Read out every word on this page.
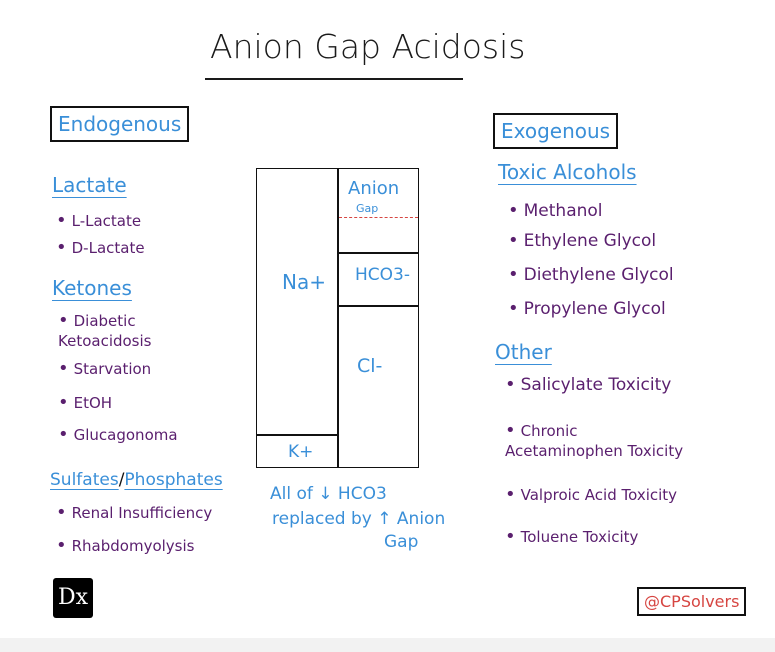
Anion Gap Acidosis
Endogenous
Lactate
• L-Lactate
• D-Lactate
Ketones
• Diabetic Ketoacidosis
• Starvation
• EtOH
• Glucagonoma
Sulfates/Phosphates
• Renal Insufficiency
• Rhabdomyolysis
Na+
K+
Anion
Gap
HCO3-
Cl-
All of ↓ HCO3
replaced by ↑ Anion
Gap
Exogenous
Toxic Alcohols
• Methanol
• Ethylene Glycol
• Diethylene Glycol
• Propylene Glycol
Other
• Salicylate Toxicity
• Chronic Acetaminophen Toxicity
• Valproic Acid Toxicity
• Toluene Toxicity
Dx	@CPSolvers
